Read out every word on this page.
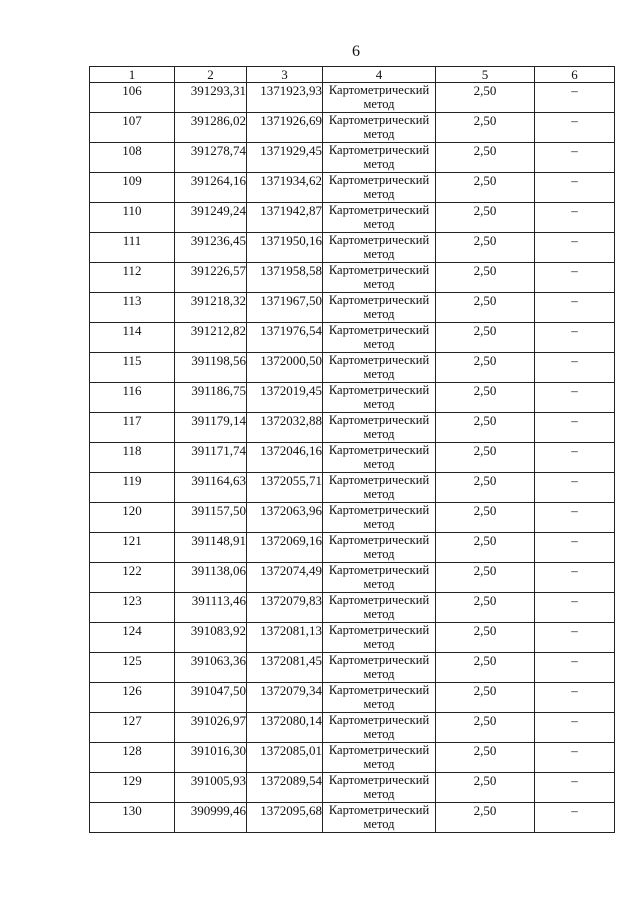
6
1	2	3	4	5	6
106	391293,31	1371923,93	Картометрический метод	2,50	–
107	391286,02	1371926,69	Картометрический метод	2,50	–
108	391278,74	1371929,45	Картометрический метод	2,50	–
109	391264,16	1371934,62	Картометрический метод	2,50	–
110	391249,24	1371942,87	Картометрический метод	2,50	–
111	391236,45	1371950,16	Картометрический метод	2,50	–
112	391226,57	1371958,58	Картометрический метод	2,50	–
113	391218,32	1371967,50	Картометрический метод	2,50	–
114	391212,82	1371976,54	Картометрический метод	2,50	–
115	391198,56	1372000,50	Картометрический метод	2,50	–
116	391186,75	1372019,45	Картометрический метод	2,50	–
117	391179,14	1372032,88	Картометрический метод	2,50	–
118	391171,74	1372046,16	Картометрический метод	2,50	–
119	391164,63	1372055,71	Картометрический метод	2,50	–
120	391157,50	1372063,96	Картометрический метод	2,50	–
121	391148,91	1372069,16	Картометрический метод	2,50	–
122	391138,06	1372074,49	Картометрический метод	2,50	–
123	391113,46	1372079,83	Картометрический метод	2,50	–
124	391083,92	1372081,13	Картометрический метод	2,50	–
125	391063,36	1372081,45	Картометрический метод	2,50	–
126	391047,50	1372079,34	Картометрический метод	2,50	–
127	391026,97	1372080,14	Картометрический метод	2,50	–
128	391016,30	1372085,01	Картометрический метод	2,50	–
129	391005,93	1372089,54	Картометрический метод	2,50	–
130	390999,46	1372095,68	Картометрический метод	2,50	–
